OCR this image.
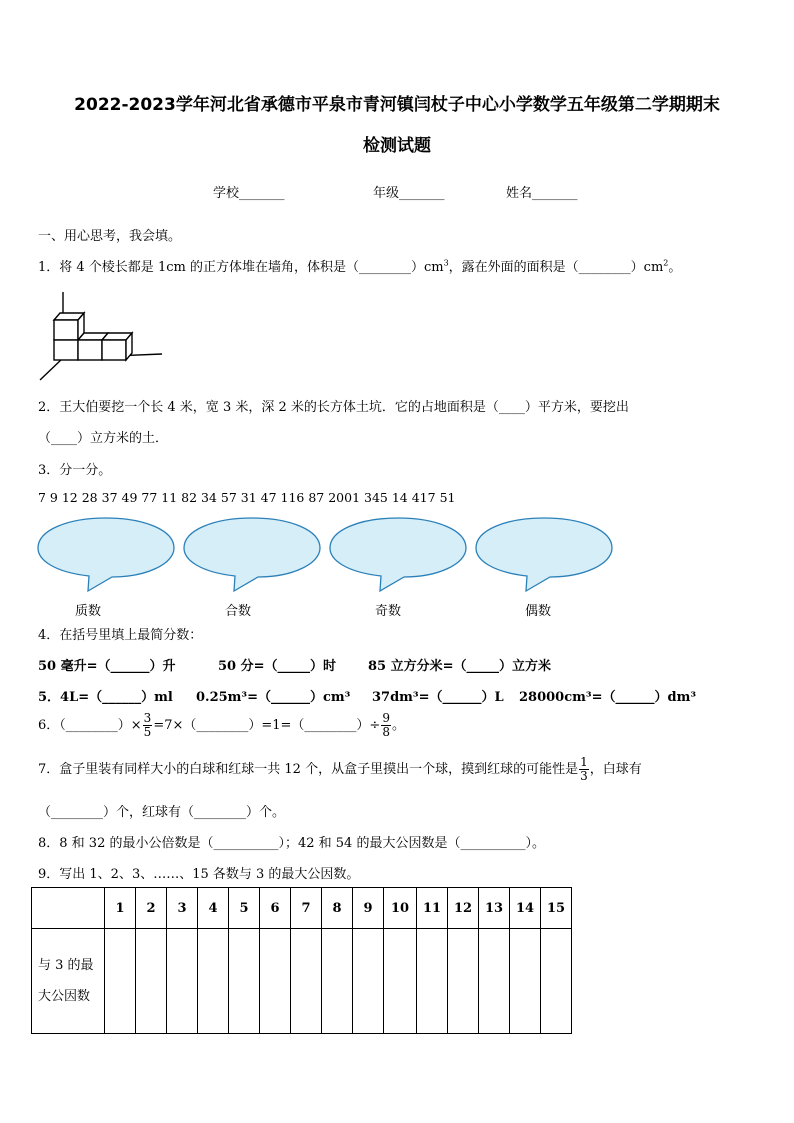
2022-2023学年河北省承德市平泉市青河镇闫杖子中心小学数学五年级第二学期期末
检测试题
学校_______	年级_______	姓名_______
一、用心思考，我会填。
1．将 4 个棱长都是 1cm 的正方体堆在墙角，体积是$(\_\_\_\_\_\_\_\_)cm^3$，露在外面的面积是$(\_\_\_\_\_\_\_\_)cm^2$。
2．王大伯要挖一个长 4 米，宽 3 米，深 2 米的长方体土坑．它的占地面积是（____）平方米，要挖出
（____）立方米的土．
3．分一分。
7 9 12 28 37 49 77 11 82 34 57 31 47 116 87 2001 345 14 417 51
质数	合数	奇数	偶数
4．在括号里填上最简分数：
50 毫升=（______）升	50 分=（_____）时 85 立方分米=（_____）立方米
5．4L=（______）ml 0.25m³=（______）cm³ 37dm³=（______）L 28000cm³=（______）dm³
6．（________）× $\frac{3}{5}$ =7×（________）=1=（________）÷ $\frac{9}{8}$ 。
7．盒子里装有同样大小的白球和红球一共 12 个，从盒子里摸出一个球，摸到红球的可能性是 $\frac{1}{3}$ ，白球有
（________）个，红球有（________）个。
8．8 和 32 的最小公倍数是（__________）；42 和 54 的最大公因数是（__________）。
9．写出 1、2、3、……、15 各数与 3 的最大公因数。
	1	2	3	4	5	6	7	8	9	10	11	12	13	14	15
与 3 的最大公因数															
